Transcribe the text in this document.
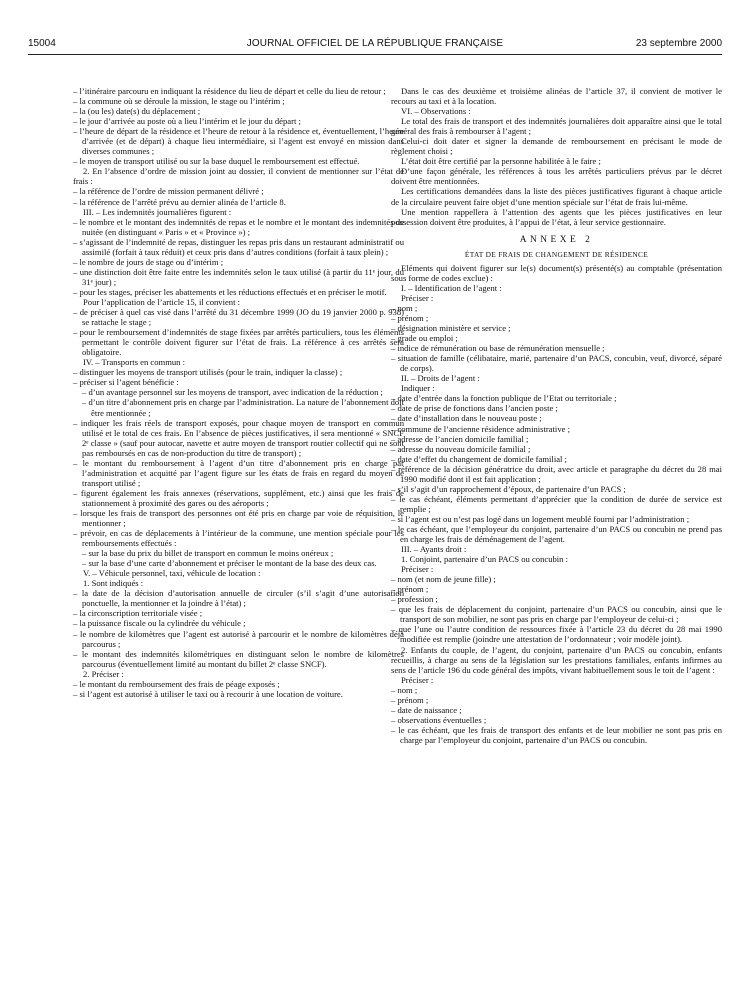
15004	JOURNAL OFFICIEL DE LA RÉPUBLIQUE FRANÇAISE	23 septembre 2000

– l’itinéraire parcouru en indiquant la résidence du lieu de départ et celle du lieu de retour ;

– la commune où se déroule la mission, le stage ou l’intérim ;

– la (ou les) date(s) du déplacement ;

– le jour d’arrivée au poste où a lieu l’intérim et le jour du départ ;

– l’heure de départ de la résidence et l’heure de retour à la résidence et, éventuellement, l’heure d’arrivée (et de départ) à chaque lieu intermédiaire, si l’agent est envoyé en mission dans diverses communes ;

– le moyen de transport utilisé ou sur la base duquel le remboursement est effectué.

2. En l’absence d’ordre de mission joint au dossier, il convient de mentionner sur l’état de frais :

– la référence de l’ordre de mission permanent délivré ;

– la référence de l’arrêté prévu au dernier alinéa de l’article 8.

III. – Les indemnités journalières figurent :

– le nombre et le montant des indemnités de repas et le nombre et le montant des indemnités de nuitée (en distinguant « Paris » et « Province ») ;

– s’agissant de l’indemnité de repas, distinguer les repas pris dans un restaurant administratif ou assimilé (forfait à taux réduit) et ceux pris dans d’autres conditions (forfait à taux plein) ;

– le nombre de jours de stage ou d’intérim ;

– une distinction doit être faite entre les indemnités selon le taux utilisé (à partir du 11ᵉ jour, du 31ᵉ jour) ;

– pour les stages, préciser les abattements et les réductions effectués et en préciser le motif.

Pour l’application de l’article 15, il convient :

– de préciser à quel cas visé dans l’arrêté du 31 décembre 1999 (JO du 19 janvier 2000 p. 938) se rattache le stage ;

– pour le remboursement d’indemnités de stage fixées par arrêtés particuliers, tous les éléments permettant le contrôle doivent figurer sur l’état de frais. La référence à ces arrêtés sera obligatoire.

IV. – Transports en commun :

– distinguer les moyens de transport utilisés (pour le train, indiquer la classe) ;

– préciser si l’agent bénéficie :

– d’un avantage personnel sur les moyens de transport, avec indication de la réduction ;

– d’un titre d’abonnement pris en charge par l’administration. La nature de l’abonnement doit être mentionnée ;

– indiquer les frais réels de transport exposés, pour chaque moyen de transport en commun utilisé et le total de ces frais. En l’absence de pièces justificatives, il sera mentionné « SNCF 2ᵉ classe » (sauf pour autocar, navette et autre moyen de transport routier collectif qui ne sont pas remboursés en cas de non-production du titre de transport) ;

– le montant du remboursement à l’agent d’un titre d’abonnement pris en charge par l’administration et acquitté par l’agent figure sur les états de frais en regard du moyen de transport utilisé ;

– figurent également les frais annexes (réservations, supplément, etc.) ainsi que les frais de stationnement à proximité des gares ou des aéroports ;

– lorsque les frais de transport des personnes ont été pris en charge par voie de réquisition, le mentionner ;

– prévoir, en cas de déplacements à l’intérieur de la commune, une mention spéciale pour les remboursements effectués :

– sur la base du prix du billet de transport en commun le moins onéreux ;

– sur la base d’une carte d’abonnement et préciser le montant de la base des deux cas.

V. – Véhicule personnel, taxi, véhicule de location :

1. Sont indiqués :

– la date de la décision d’autorisation annuelle de circuler (s’il s’agit d’une autorisation ponctuelle, la mentionner et la joindre à l’état) ;

– la circonscription territoriale visée ;

– la puissance fiscale ou la cylindrée du véhicule ;

– le nombre de kilomètres que l’agent est autorisé à parcourir et le nombre de kilomètres déjà parcourus ;

– le montant des indemnités kilométriques en distinguant selon le nombre de kilomètres parcourus (éventuellement limité au montant du billet 2ᵉ classe SNCF).

2. Préciser :

– le montant du remboursement des frais de péage exposés ;

– si l’agent est autorisé à utiliser le taxi ou à recourir à une location de voiture.

Dans le cas des deuxième et troisième alinéas de l’article 37, il convient de motiver le recours au taxi et à la location.

VI. – Observations :

Le total des frais de transport et des indemnités journalières doit apparaître ainsi que le total général des frais à rembourser à l’agent ;

Celui-ci doit dater et signer la demande de remboursement en précisant le mode de règlement choisi ;

L’état doit être certifié par la personne habilitée à le faire ;

D’une façon générale, les références à tous les arrêtés particuliers prévus par le décret doivent être mentionnées.

Les certifications demandées dans la liste des pièces justificatives figurant à chaque article de la circulaire peuvent faire objet d’une mention spéciale sur l’état de frais lui-même.

Une mention rappellera à l’attention des agents que les pièces justificatives en leur possession doivent être produites, à l’appui de l’état, à leur service gestionnaire.

ANNEXE 2

ÉTAT DE FRAIS DE CHANGEMENT DE RÉSIDENCE

Eléments qui doivent figurer sur le(s) document(s) présenté(s) au comptable (présentation sous forme de codes exclue) :

I. – Identification de l’agent :

Préciser :

– nom ;

– prénom ;

– désignation ministère et service ;

– grade ou emploi ;

– indice de rémunération ou base de rémunération mensuelle ;

– situation de famille (célibataire, marié, partenaire d’un PACS, concubin, veuf, divorcé, séparé de corps).

II. – Droits de l’agent :

Indiquer :

– date d’entrée dans la fonction publique de l’Etat ou territoriale ;

– date de prise de fonctions dans l’ancien poste ;

– date d’installation dans le nouveau poste ;

– commune de l’ancienne résidence administrative ;

– adresse de l’ancien domicile familial ;

– adresse du nouveau domicile familial ;

– date d’effet du changement de domicile familial ;

– référence de la décision génératrice du droit, avec article et paragraphe du décret du 28 mai 1990 modifié dont il est fait application ;

– s’il s’agit d’un rapprochement d’époux, de partenaire d’un PACS ;

– le cas échéant, éléments permettant d’apprécier que la condition de durée de service est remplie ;

– si l’agent est ou n’est pas logé dans un logement meublé fourni par l’administration ;

– le cas échéant, que l’employeur du conjoint, partenaire d’un PACS ou concubin ne prend pas en charge les frais de déménagement de l’agent.

III. – Ayants droit :

1. Conjoint, partenaire d’un PACS ou concubin :

Préciser :

– nom (et nom de jeune fille) ;

– prénom ;

– profession ;

– que les frais de déplacement du conjoint, partenaire d’un PACS ou concubin, ainsi que le transport de son mobilier, ne sont pas pris en charge par l’employeur de celui-ci ;

– que l’une ou l’autre condition de ressources fixée à l’article 23 du décret du 28 mai 1990 modifiée est remplie (joindre une attestation de l’ordonnateur ; voir modèle joint).

2. Enfants du couple, de l’agent, du conjoint, partenaire d’un PACS ou concubin, enfants recueillis, à charge au sens de la législation sur les prestations familiales, enfants infirmes au sens de l’article 196 du code général des impôts, vivant habituellement sous le toit de l’agent :

Préciser :

– nom ;

– prénom ;

– date de naissance ;

– observations éventuelles ;

– le cas échéant, que les frais de transport des enfants et de leur mobilier ne sont pas pris en charge par l’employeur du conjoint, partenaire d’un PACS ou concubin.
